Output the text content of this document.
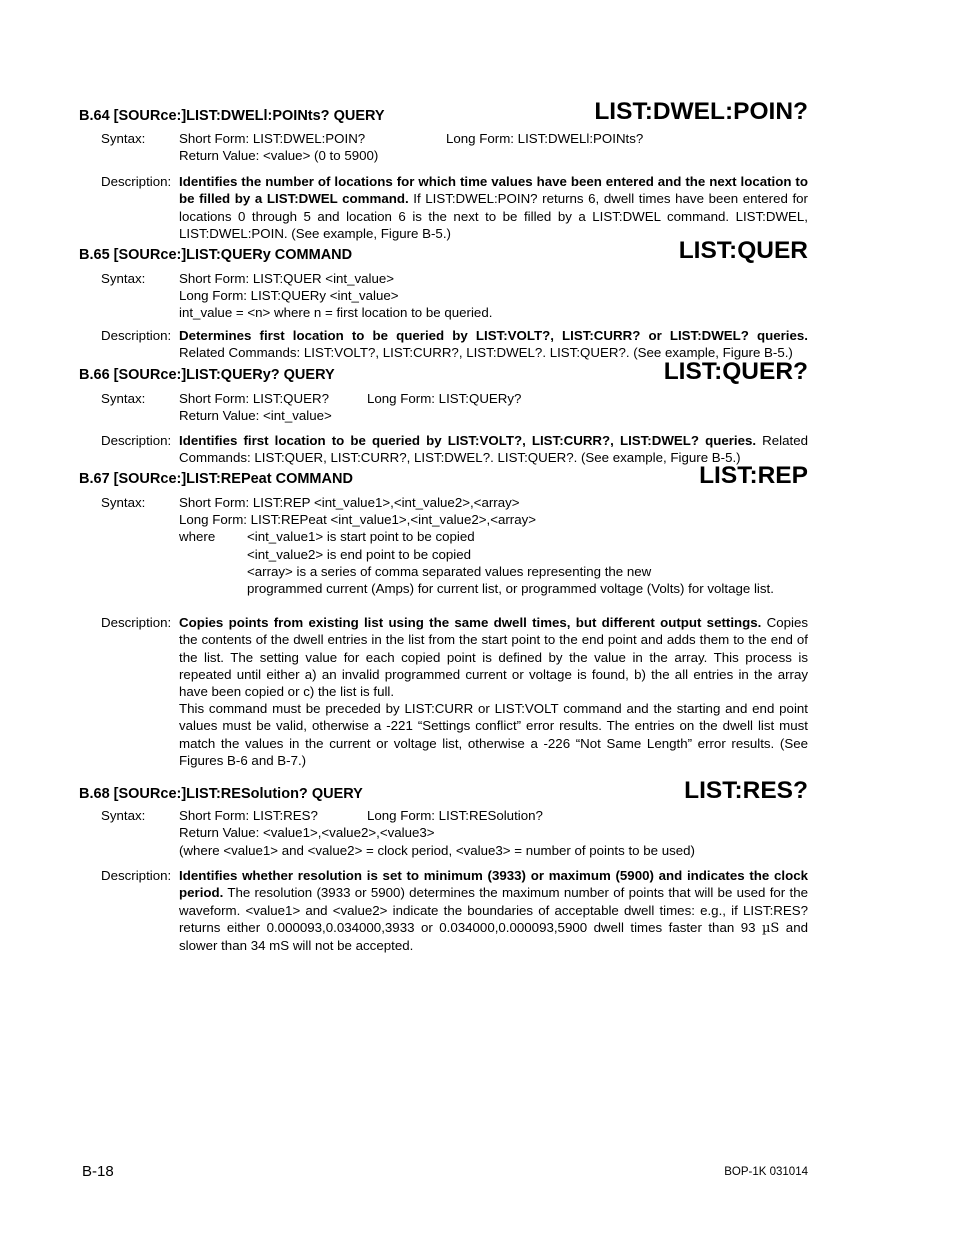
B.64 [SOURce:]LIST:DWELl:POINts? QUERY	LIST:DWEL:POIN?
Syntax:	Short Form: LIST:DWEL:POIN?	Long Form: LIST:DWELl:POINts?
Return Value: <value> (0 to 5900)
Description: Identifies the number of locations for which time values have been entered and the next location to be filled by a LIST:DWEL command. If LIST:DWEL:POIN? returns 6, dwell times have been entered for locations 0 through 5 and location 6 is the next to be filled by a LIST:DWEL command. LIST:DWEL, LIST:DWEL:POIN. (See example, Figure B-5.)
B.65 [SOURce:]LIST:QUERy COMMAND	LIST:QUER
Syntax:	Short Form: LIST:QUER <int_value>
Long Form: LIST:QUERy <int_value>
int_value = <n> where n = first location to be queried.
Description: Determines first location to be queried by LIST:VOLT?, LIST:CURR? or LIST:DWEL? queries. Related Commands: LIST:VOLT?, LIST:CURR?, LIST:DWEL?. LIST:QUER?. (See example, Figure B-5.)
B.66 [SOURce:]LIST:QUERy? QUERY	LIST:QUER?
Syntax:	Short Form: LIST:QUER?	Long Form: LIST:QUERy?
Return Value: <int_value>
Description: Identifies first location to be queried by LIST:VOLT?, LIST:CURR?, LIST:DWEL? queries. Related Commands: LIST:QUER, LIST:CURR?, LIST:DWEL?. LIST:QUER?. (See example, Figure B-5.)
B.67 [SOURce:]LIST:REPeat COMMAND	LIST:REP
Syntax:	Short Form: LIST:REP <int_value1>,<int_value2>,<array>
Long Form: LIST:REPeat <int_value1>,<int_value2>,<array>
where <int_value1> is start point to be copied
<int_value2> is end point to be copied
<array> is a series of comma separated values representing the new
programmed current (Amps) for current list, or programmed voltage (Volts) for voltage list.
Description: Copies points from existing list using the same dwell times, but different output settings. Copies the contents of the dwell entries in the list from the start point to the end point and adds them to the end of the list. The setting value for each copied point is defined by the value in the array. This process is repeated until either a) an invalid programmed current or voltage is found, b) the all entries in the array have been copied or c) the list is full.
This command must be preceded by LIST:CURR or LIST:VOLT command and the starting and end point values must be valid, otherwise a -221 “Settings conflict” error results. The entries on the dwell list must match the values in the current or voltage list, otherwise a -226 “Not Same Length” error results. (See Figures B-6 and B-7.)
B.68 [SOURce:]LIST:RESolution? QUERY	LIST:RES?
Syntax:	Short Form: LIST:RES?	Long Form: LIST:RESolution?
Return Value: <value1>,<value2>,<value3>
(where <value1> and <value2> = clock period, <value3> = number of points to be used)
Description: Identifies whether resolution is set to minimum (3933) or maximum (5900) and indicates the clock period. The resolution (3933 or 5900) determines the maximum number of points that will be used for the waveform. <value1> and <value2> indicate the boundaries of acceptable dwell times: e.g., if LIST:RES? returns either 0.000093,0.034000,3933 or 0.034000,0.000093,5900 dwell times faster than 93 µS and slower than 34 mS will not be accepted.
B-18	BOP-1K 031014
